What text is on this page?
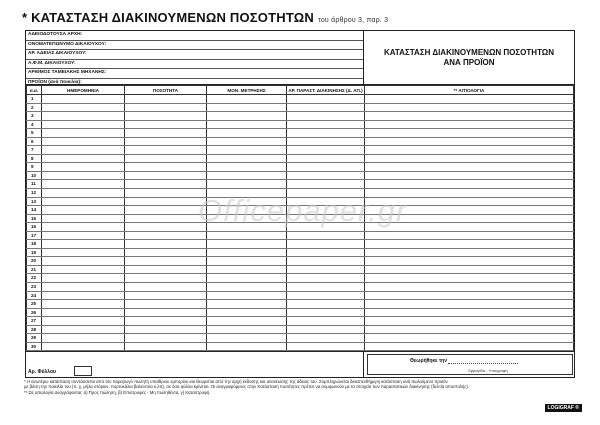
* ΚΑΤΑΣΤΑΣΗ ΔΙΑΚΙΝΟΥΜΕΝΩΝ ΠΟΣΟΤΗΤΩΝ του άρθρου 3, παρ. 3
ΑΔΕΙΟΔΟΤΟΥΣΑ ΑΡΧΗ:
ΟΝΟΜΑΤΕΠΩΝΥΜΟ ΔΙΚΑΙΟΥΧΟΥ:
ΑΡ. ΑΔΕΙΑΣ ΔΙΚΑΙΟΥΧΟΥ:
Α.Φ.Μ. ΔΙΚΑΙΟΥΧΟΥ:
ΑΡΙΘΜΟΣ ΤΑΜΕΙΑΚΗΣ ΜΗΧΑΝΗΣ:
ΠΡΟΪΟΝ (ανά ποικιλία):
ΚΑΤΑΣΤΑΣΗ ΔΙΑΚΙΝΟΥΜΕΝΩΝ ΠΟΣΟΤΗΤΩΝ
ΑΝΑ ΠΡΟΪΟΝ
α.α.	ΗΜΕΡΟΜΗΝΙΑ	ΠΟΣΟΤΗΤΑ	ΜΟΝ. ΜΕΤΡΗΣΗΣ	ΑΡ. ΠΑΡΑΣΤ. ΔΙΑΚΙΝΗΣΗΣ (Δ. ΑΠ.)	** ΑΙΤΙΟΛΟΓΙΑ
1					
2					
3					
4					
5					
6					
7					
8					
9					
10					
11					
12					
13					
14					
15					
16					
17					
18					
19					
20					
21					
22					
23					
24					
25					
26					
27					
28					
29					
30					
Αρ. Φύλλου
Θεωρήθηκε την
Σφραγίδα - Υπογραφή
* Η ανωτέρω κατάσταση συντάσσεται από τον παραγωγό πωλητή υπαίθριου εμπορίου και θεωρείται από την αρχή έκδοσης και ανανέωσης της άδειας του. Συμπληρώνεται δεκαπενθήμερη κατάσταση ανά πωλούμενο προϊόν
με βάση την ποικιλία του (π. χ. μήλα στάρκιν, πορτοκάλια βαλέντσια κ.λπ), σε όσα φύλλα κρίνεται. Οι αναγραφόμενες στην Κατάσταση ποσότητες πρέπει να συμφωνούν με τα στοιχεία των παραστατικών διακίνησης (δελτία αποστολής).
** Ως αιτιολογία αναγράφονται: α) Προς πώληση, β) Επιστροφές - Μη πωληθέντα, γ) Καταστροφή.
Officepaper.gr
LOGIGRAF ®
